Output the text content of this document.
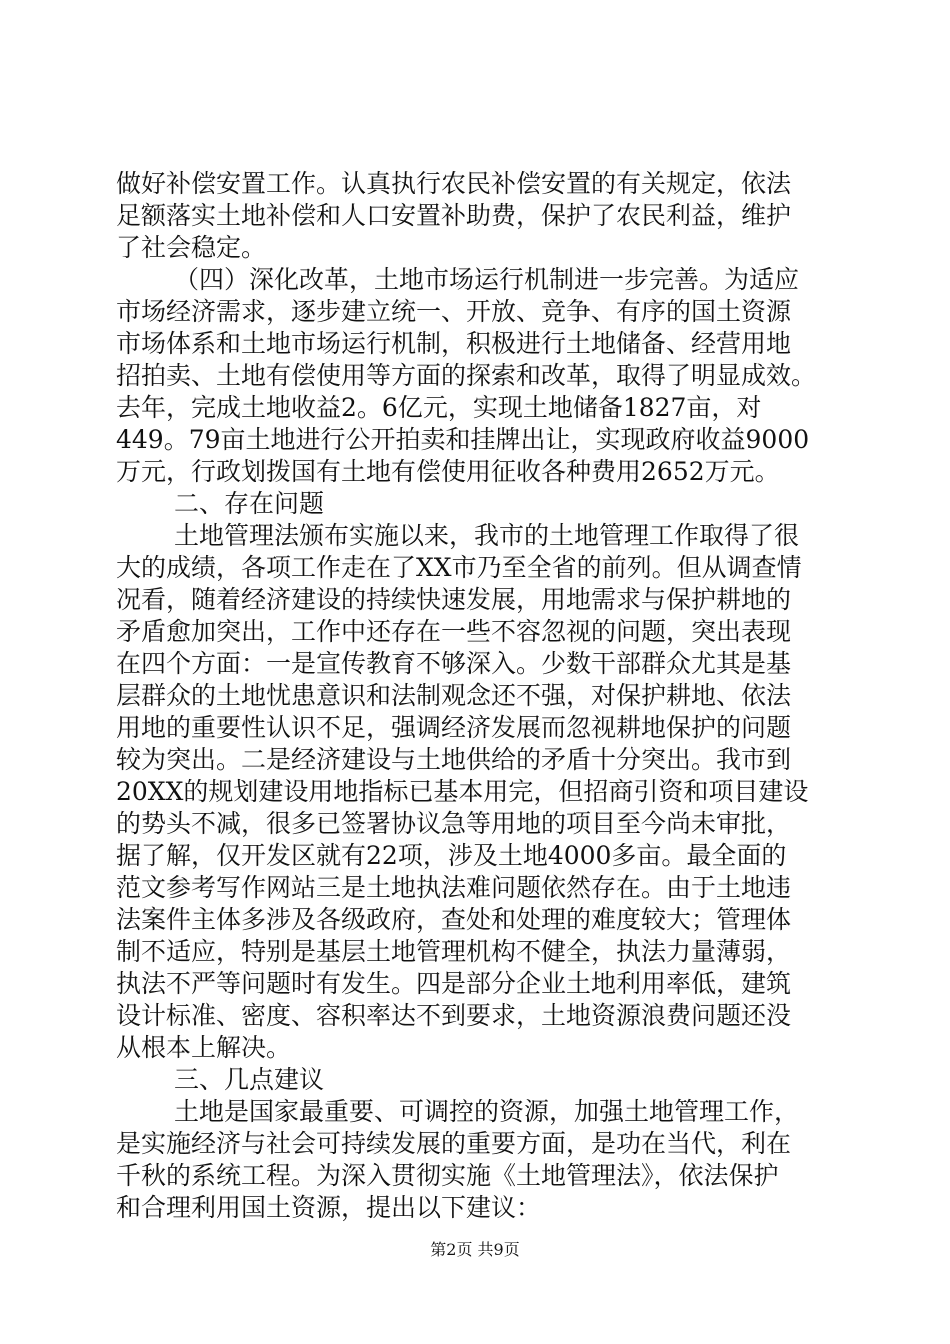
做好补偿安置工作。认真执行农民补偿安置的有关规定，依法
足额落实土地补偿和人口安置补助费，保护了农民利益，维护
了社会稳定。
（四）深化改革，土地市场运行机制进一步完善。为适应
市场经济需求，逐步建立统一、开放、竞争、有序的国土资源
市场体系和土地市场运行机制，积极进行土地储备、经营用地
招拍卖、土地有偿使用等方面的探索和改革，取得了明显成效。
去年，完成土地收益2。6亿元，实现土地储备1827亩，对
449。79亩土地进行公开拍卖和挂牌出让，实现政府收益9000
万元，行政划拨国有土地有偿使用征收各种费用2652万元。
二、存在问题
土地管理法颁布实施以来，我市的土地管理工作取得了很
大的成绩，各项工作走在了XX市乃至全省的前列。但从调查情
况看，随着经济建设的持续快速发展，用地需求与保护耕地的
矛盾愈加突出，工作中还存在一些不容忽视的问题，突出表现
在四个方面：一是宣传教育不够深入。少数干部群众尤其是基
层群众的土地忧患意识和法制观念还不强，对保护耕地、依法
用地的重要性认识不足，强调经济发展而忽视耕地保护的问题
较为突出。二是经济建设与土地供给的矛盾十分突出。我市到
20XX的规划建设用地指标已基本用完，但招商引资和项目建设
的势头不减，很多已签署协议急等用地的项目至今尚未审批，
据了解，仅开发区就有22项，涉及土地4000多亩。最全面的
范文参考写作网站三是土地执法难问题依然存在。由于土地违
法案件主体多涉及各级政府，查处和处理的难度较大；管理体
制不适应，特别是基层土地管理机构不健全，执法力量薄弱，
执法不严等问题时有发生。四是部分企业土地利用率低，建筑
设计标准、密度、容积率达不到要求，土地资源浪费问题还没
从根本上解决。
三、几点建议
土地是国家最重要、可调控的资源，加强土地管理工作，
是实施经济与社会可持续发展的重要方面，是功在当代，利在
千秋的系统工程。为深入贯彻实施《土地管理法》，依法保护
和合理利用国土资源，提出以下建议：
第2页 共9页
